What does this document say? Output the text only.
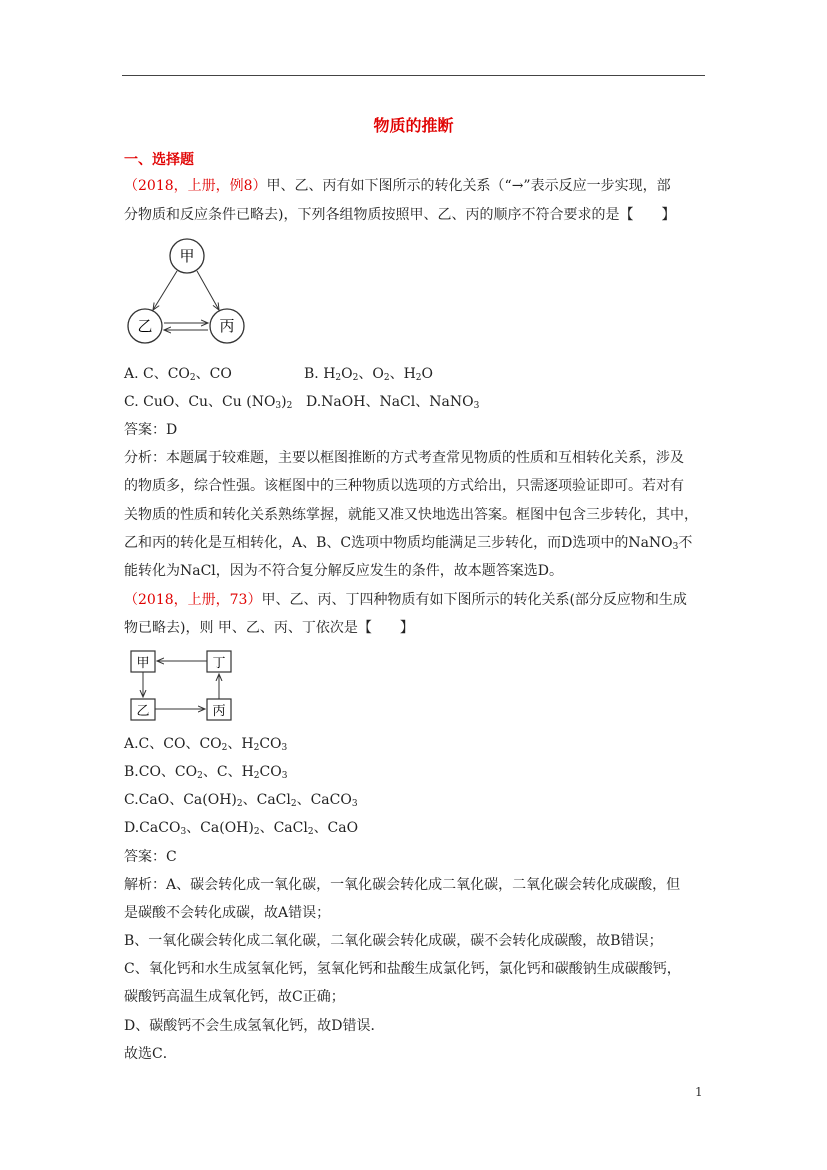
物质的推断
一、选择题
（2018，上册，例8）甲、乙、丙有如下图所示的转化关系（“→”表示反应一步实现，部
分物质和反应条件已略去)，下列各组物质按照甲、乙、丙的顺序不符合要求的是【　　】
甲
乙	丙
A. C、$CO_2$、CO	B. $H_2O_2$、$O_2$、$H_2O$
C. CuO、Cu、Cu $(NO_3)_2$ D.NaOH、NaCl、NaNO$_3$
答案：D
分析：本题属于较难题，主要以框图推断的方式考查常见物质的性质和互相转化关系，涉及
的物质多，综合性强。该框图中的三种物质以选项的方式给出，只需逐项验证即可。若对有
关物质的性质和转化关系熟练掌握，就能又准又快地选出答案。框图中包含三步转化，其中，
乙和丙的转化是互相转化，A、B、C选项中物质均能满足三步转化，而D选项中的NaNO$_3$不
能转化为NaCl，因为不符合复分解反应发生的条件，故本题答案选D。
（2018，上册，73）甲、乙、丙、丁四种物质有如下图所示的转化关系(部分反应物和生成
物已略去)，则 甲、乙、丙、丁依次是【　　】
甲	丁
乙	丙
A.C、CO、$CO_2$、$H_2CO_3$
B.CO、$CO_2$、C、$H_2CO_3$
C.CaO、$Ca(OH)_2$、CaCl$_2$、CaCO$_3$
D.CaCO$_3$、$Ca(OH)_2$、CaCl$_2$、CaO
答案：C
解析：A、碳会转化成一氧化碳，一氧化碳会转化成二氧化碳，二氧化碳会转化成碳酸，但
是碳酸不会转化成碳，故A错误；
B、一氧化碳会转化成二氧化碳，二氧化碳会转化成碳，碳不会转化成碳酸，故B错误；
C、氧化钙和水生成氢氧化钙，氢氧化钙和盐酸生成氯化钙，氯化钙和碳酸钠生成碳酸钙，
碳酸钙高温生成氧化钙，故C正确；
D、碳酸钙不会生成氢氧化钙，故D错误．
故选C．
1
